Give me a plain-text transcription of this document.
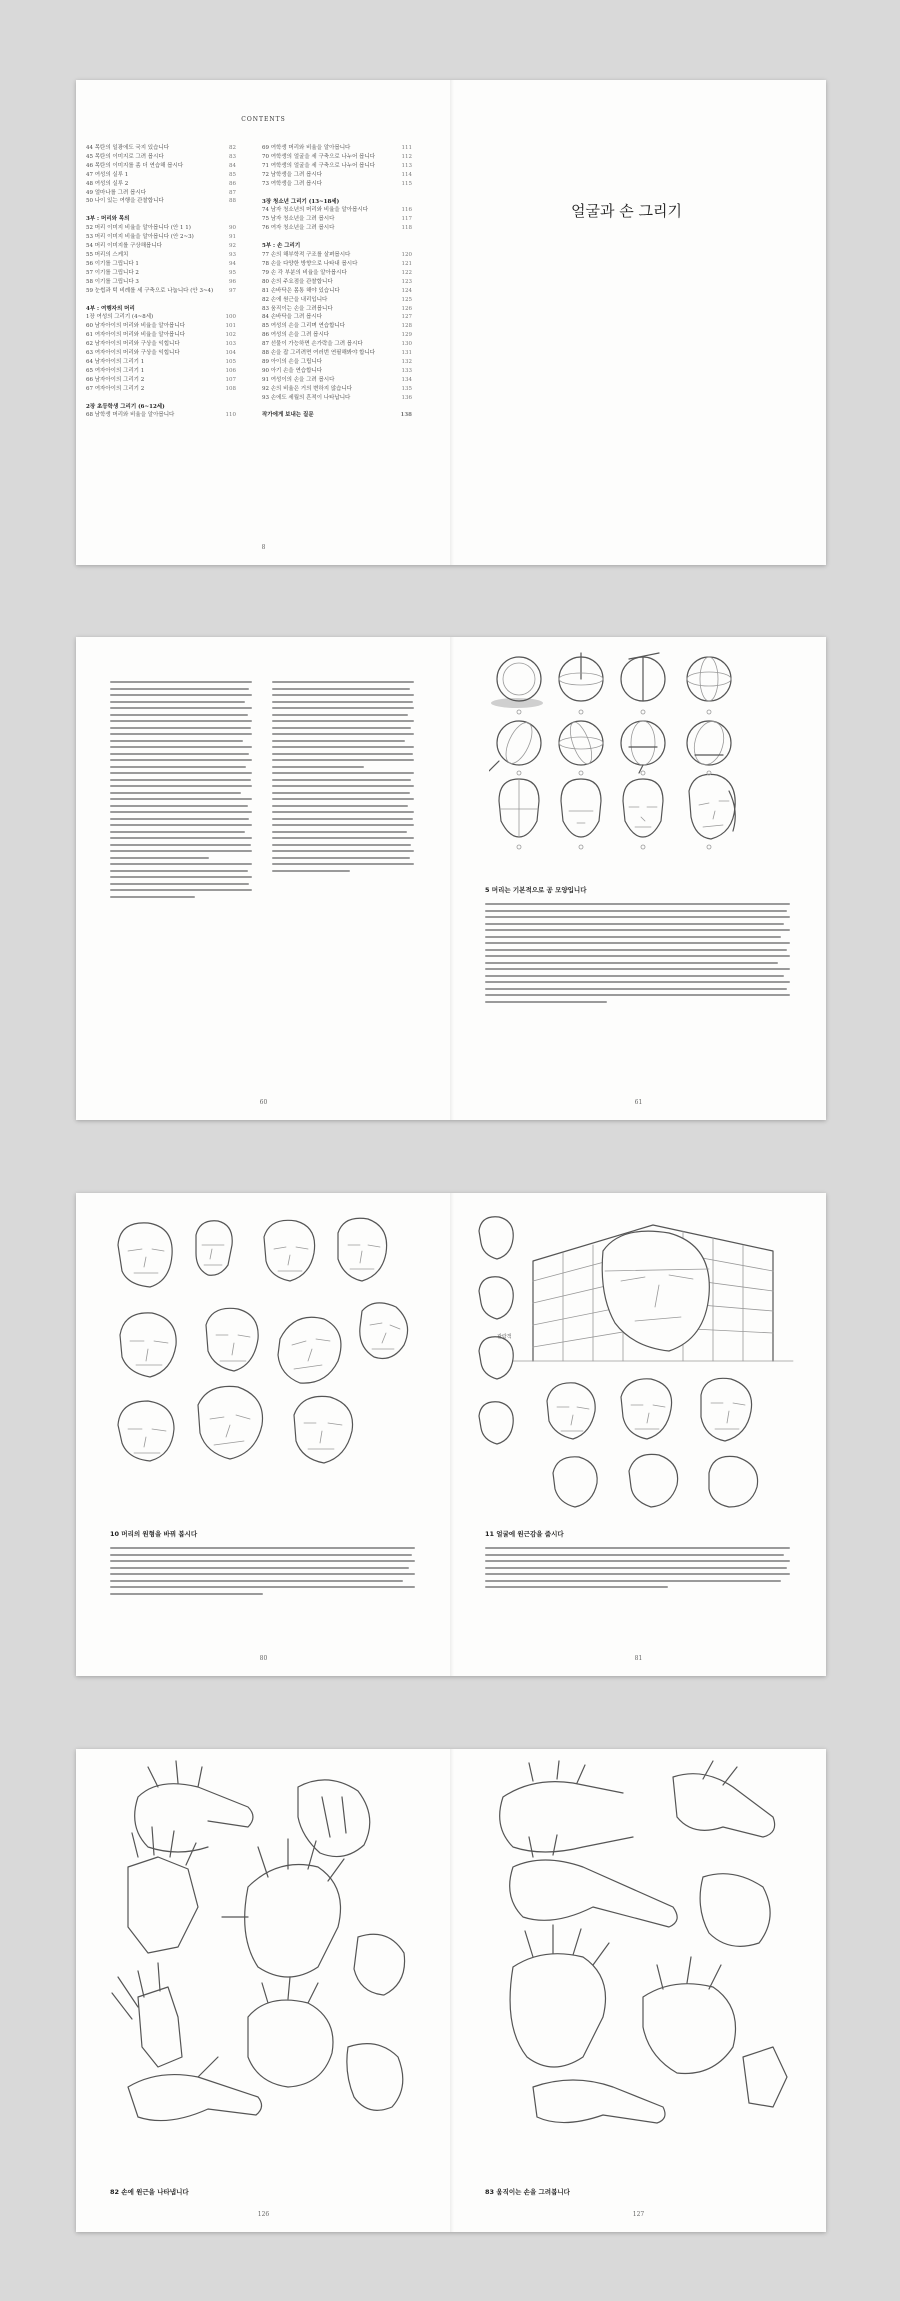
CONTENTS
44 목탄의 일광에도 국지 있습니다	82
45 목탄의 이미지로 그려 봅시다	83
46 목탄의 이미지를 좀 더 연습해 봅시다	84
47 여성의 실루 1	85
48 여성의 실루 2	86
49 얼마나를 그려 봅시다	87
50 나이 있는 여행을 관찰합니다	88
3부 : 머리와 목의
52 머리 이미지 비율을 알아봅니다 (안 1 1)	90
53 머리 이미지 비율을 알아봅니다 (안 2~3)	91
54 머리 이미지를 구상해봅니다	92
55 머리의 스케치	93
56 이기를 그립니다 1	94
57 이기를 그립니다 2	95
58 이기를 그립니다 3	96
59 눈썹과 턱 비례를 세 구축으로 나눕니다 (안 3~4)	97
4부 : 여행자의 머리
1장 여성의 그리기 (4~8세)	100
60 남자아이의 머리와 비율을 알아봅니다	101
61 여자아이의 머리와 비율을 알아봅니다	102
62 남자아이의 머리와 구상을 익힙니다	103
63 여자아이의 머리와 구상을 익힙니다	104
64 남자아이의 그리기 1	105
65 여자아이의 그리기 1	106
66 남자아이의 그리기 2	107
67 여자아이의 그리기 2	108
2장 초등학생 그리기 (6~12세)
68 남학생 머리와 비율을 알아봅니다	110
69 여학생 머리와 비율을 알아봅니다	111
70 여학생의 얼굴을 세 구축으로 나누어 봅니다	112
71 여학생의 얼굴을 세 구축으로 나누어 봅니다	113
72 남학생을 그려 봅시다	114
73 여학생을 그려 봅시다	115
3장 청소년 그리기 (13~18세)
74 남자 청소년의 머리와 비율을 알아봅시다	116
75 남자 청소년을 그려 봅시다	117
76 여자 청소년을 그려 봅시다	118
5부 : 손 그리기
77 손의 해부학적 구조를 살펴봅시다	120
78 손을 다양한 방향으로 나타내 봅시다	121
79 손 각 부분의 비율을 알아봅시다	122
80 손의 주요점을 관찰합니다	123
81 손바닥은 몸통 해야 있습니다	124
82 손에 원근을 내리입니다	125
83 움직이는 손을 그려봅니다	126
84 손바닥을 그려 봅시다	127
85 여성의 손을 그리며 연습합니다	128
86 여성의 손을 그려 봅시다	129
87 선물이 가능하면 손가락을 그려 봅시다	130
88 손을 잡 그리려면 여러번 연필해봐야 합니다	131
89 아이의 손을 그립니다	132
90 아기 손을 연습합니다	133
91 여성이의 손을 그려 봅시다	134
92 손의 비율은 거의 변하지 않습니다	135
93 손에도 세월의 흔적이 나타납니다	136
작가에게 보내는 질문	138
8
얼굴과 손 그리기
60
5 머리는 기본적으로 공 모양입니다
61
10 머리의 원형을 바꿔 봅시다
80
관람객
11 얼굴에 원근감을 줍시다
81
82 손에 원근을 나타냅니다
126
83 움직이는 손을 그려봅니다
127
